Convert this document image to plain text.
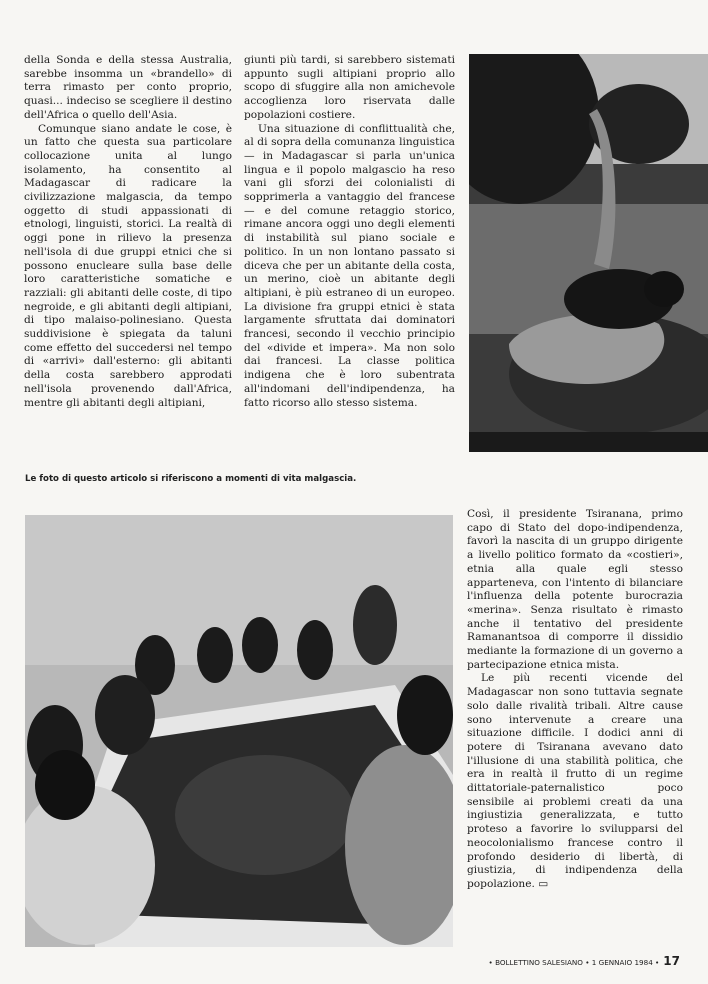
della Sonda e della stessa Australia, sarebbe insomma un «brandello» di terra rimasto per conto proprio, quasi... indeciso se scegliere il destino dell'Africa o quello dell'Asia.

Comunque siano andate le cose, è un fatto che questa sua particolare collocazione unita al lungo isolamento, ha consentito al Madagascar di radicare la civilizzazione malgascia, da tempo oggetto di studi appassionati di etnologi, linguisti, storici. La realtà di oggi pone in rilievo la presenza nell'isola di due gruppi etnici che si possono enucleare sulla base delle loro caratteristiche somatiche e razziali: gli abitanti delle coste, di tipo negroide, e gli abitanti degli altipiani, di tipo malaiso-polinesiano. Questa suddivisione è spiegata da taluni come effetto del succedersi nel tempo di «arrivi» dall'esterno: gli abitanti della costa sarebbero approdati nell'isola provenendo dall'Africa, mentre gli abitanti degli altipiani,

giunti più tardi, si sarebbero sistemati appunto sugli altipiani proprio allo scopo di sfuggire alla non amichevole accoglienza loro riservata dalle popolazioni costiere.

Una situazione di conflittualità che, al di sopra della comunanza linguistica — in Madagascar si parla un'unica lingua e il popolo malgascio ha reso vani gli sforzi dei colonialisti di sopprimerla a vantaggio del francese — e del comune retaggio storico, rimane ancora oggi uno degli elementi di instabilità sul piano sociale e politico. In un non lontano passato si diceva che per un abitante della costa, un merino, cioè un abitante degli altipiani, è più estraneo di un europeo. La divisione fra gruppi etnici è stata largamente sfruttata dai dominatori francesi, secondo il vecchio principio del «divide et impera». Ma non solo dai francesi. La classe politica indigena che è loro subentrata all'indomani dell'indipendenza, ha fatto ricorso allo stesso sistema.

Le foto di questo articolo si riferiscono a momenti di vita malgascia.

Così, il presidente Tsiranana, primo capo di Stato del dopo-indipendenza, favorì la nascita di un gruppo dirigente a livello politico formato da «costieri», etnia alla quale egli stesso apparteneva, con l'intento di bilanciare l'influenza della potente burocrazia «merina». Senza risultato è rimasto anche il tentativo del presidente Ramanantsoa di comporre il dissidio mediante la formazione di un governo a partecipazione etnica mista.

Le più recenti vicende del Madagascar non sono tuttavia segnate solo dalle rivalità tribali. Altre cause sono intervenute a creare una situazione difficile. I dodici anni di potere di Tsiranana avevano dato l'illusione di una stabilità politica, che era in realtà il frutto di un regime dittatoriale-paternalistico poco sensibile ai problemi creati da una ingiustizia generalizzata, e tutto proteso a favorire lo svilupparsi del neocolonialismo francese contro il profondo desiderio di libertà, di giustizia, di indipendenza della popolazione. ▭

• BOLLETTINO SALESIANO • 1 GENNAIO 1984 • 17
